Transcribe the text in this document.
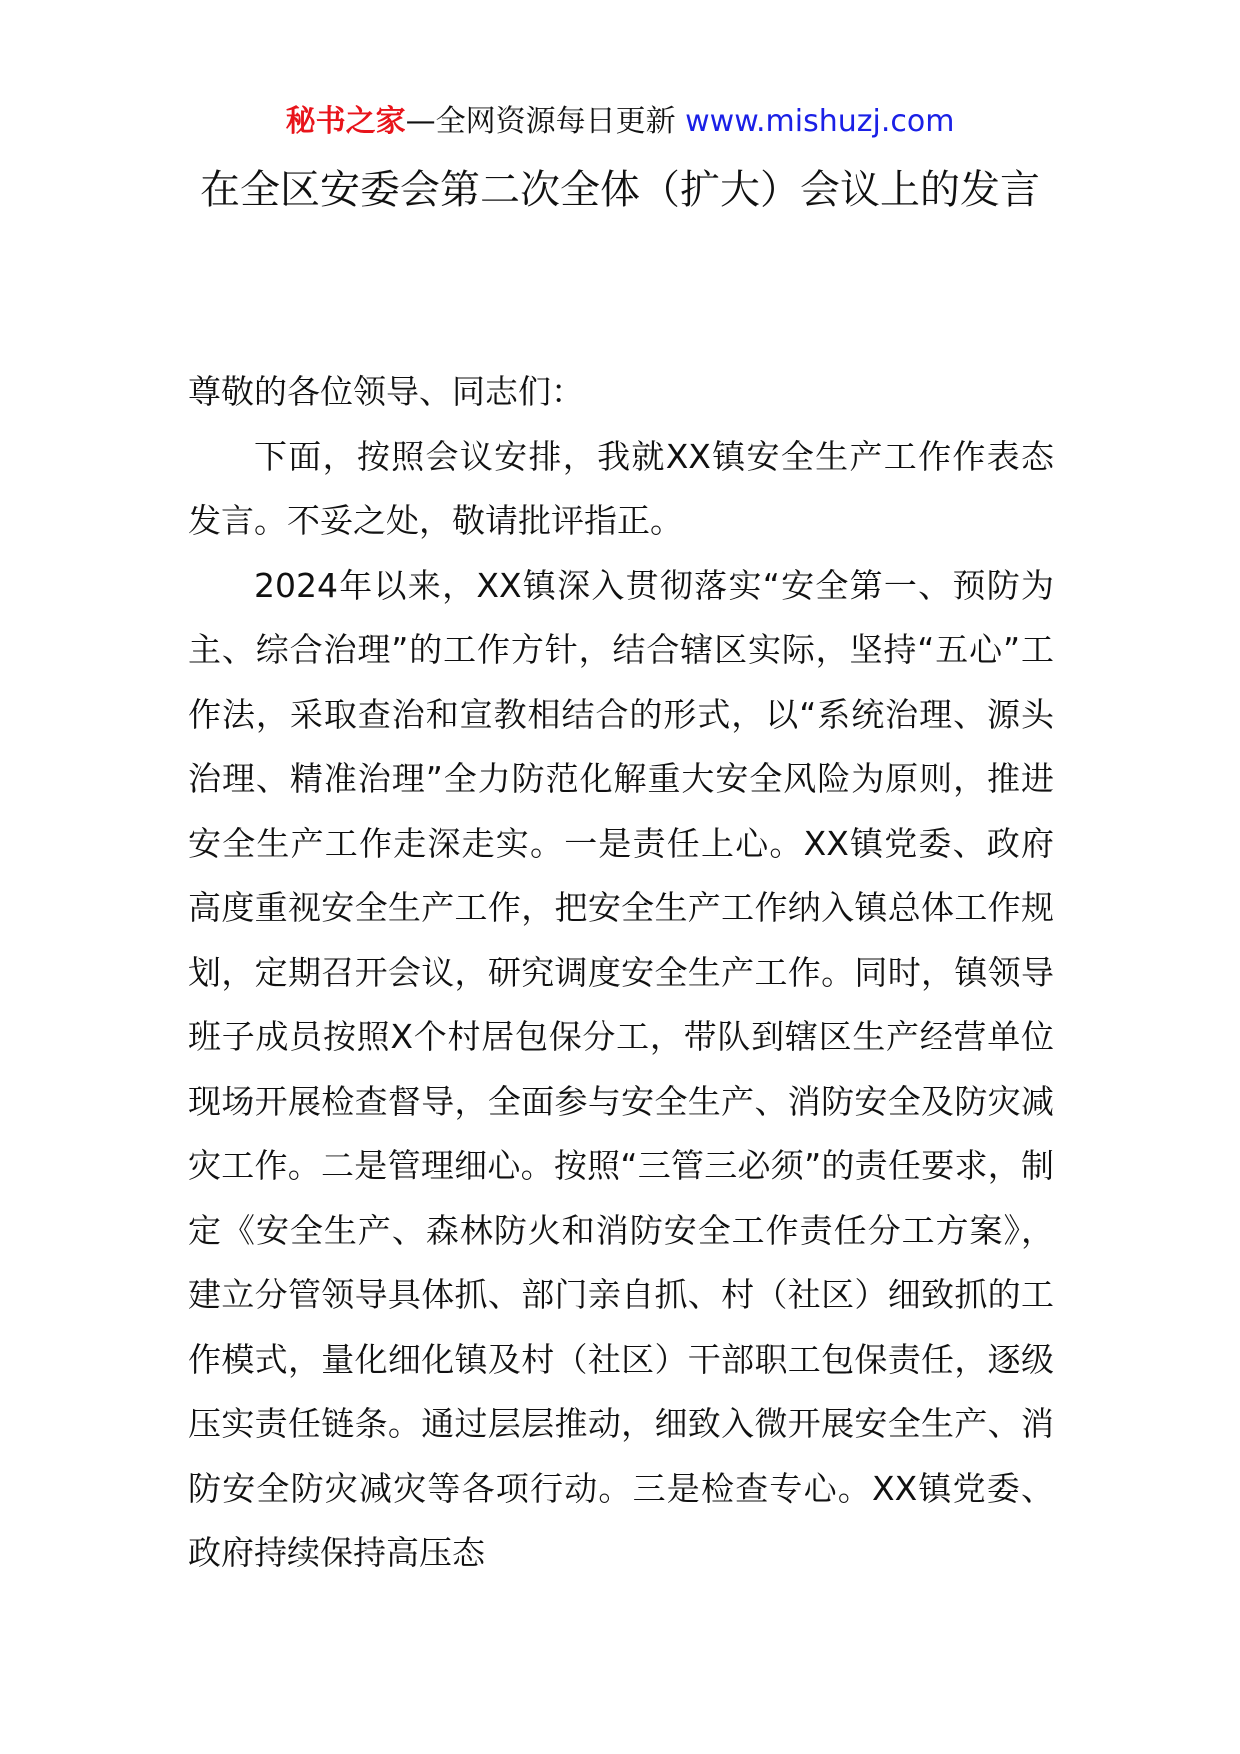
秘书之家—全网资源每日更新 www.mishuzj.com
在全区安委会第二次全体（扩大）会议上的发言

尊敬的各位领导、同志们：

下面，按照会议安排，我就XX镇安全生产工作作表态发言。不妥之处，敬请批评指正。

2024年以来，XX镇深入贯彻落实“安全第一、预防为主、综合治理”的工作方针，结合辖区实际，坚持“五心”工作法，采取查治和宣教相结合的形式，以“系统治理、源头治理、精准治理”全力防范化解重大安全风险为原则，推进安全生产工作走深走实。一是责任上心。XX镇党委、政府高度重视安全生产工作，把安全生产工作纳入镇总体工作规划，定期召开会议，研究调度安全生产工作。同时，镇领导班子成员按照X个村居包保分工，带队到辖区生产经营单位现场开展检查督导，全面参与安全生产、消防安全及防灾减灾工作。二是管理细心。按照“三管三必须”的责任要求，制定《安全生产、森林防火和消防安全工作责任分工方案》，建立分管领导具体抓、部门亲自抓、村（社区）细致抓的工作模式，量化细化镇及村（社区）干部职工包保责任，逐级压实责任链条。通过层层推动，细致入微开展安全生产、消防安全防灾减灾等各项行动。三是检查专心。XX镇党委、政府持续保持高压态
